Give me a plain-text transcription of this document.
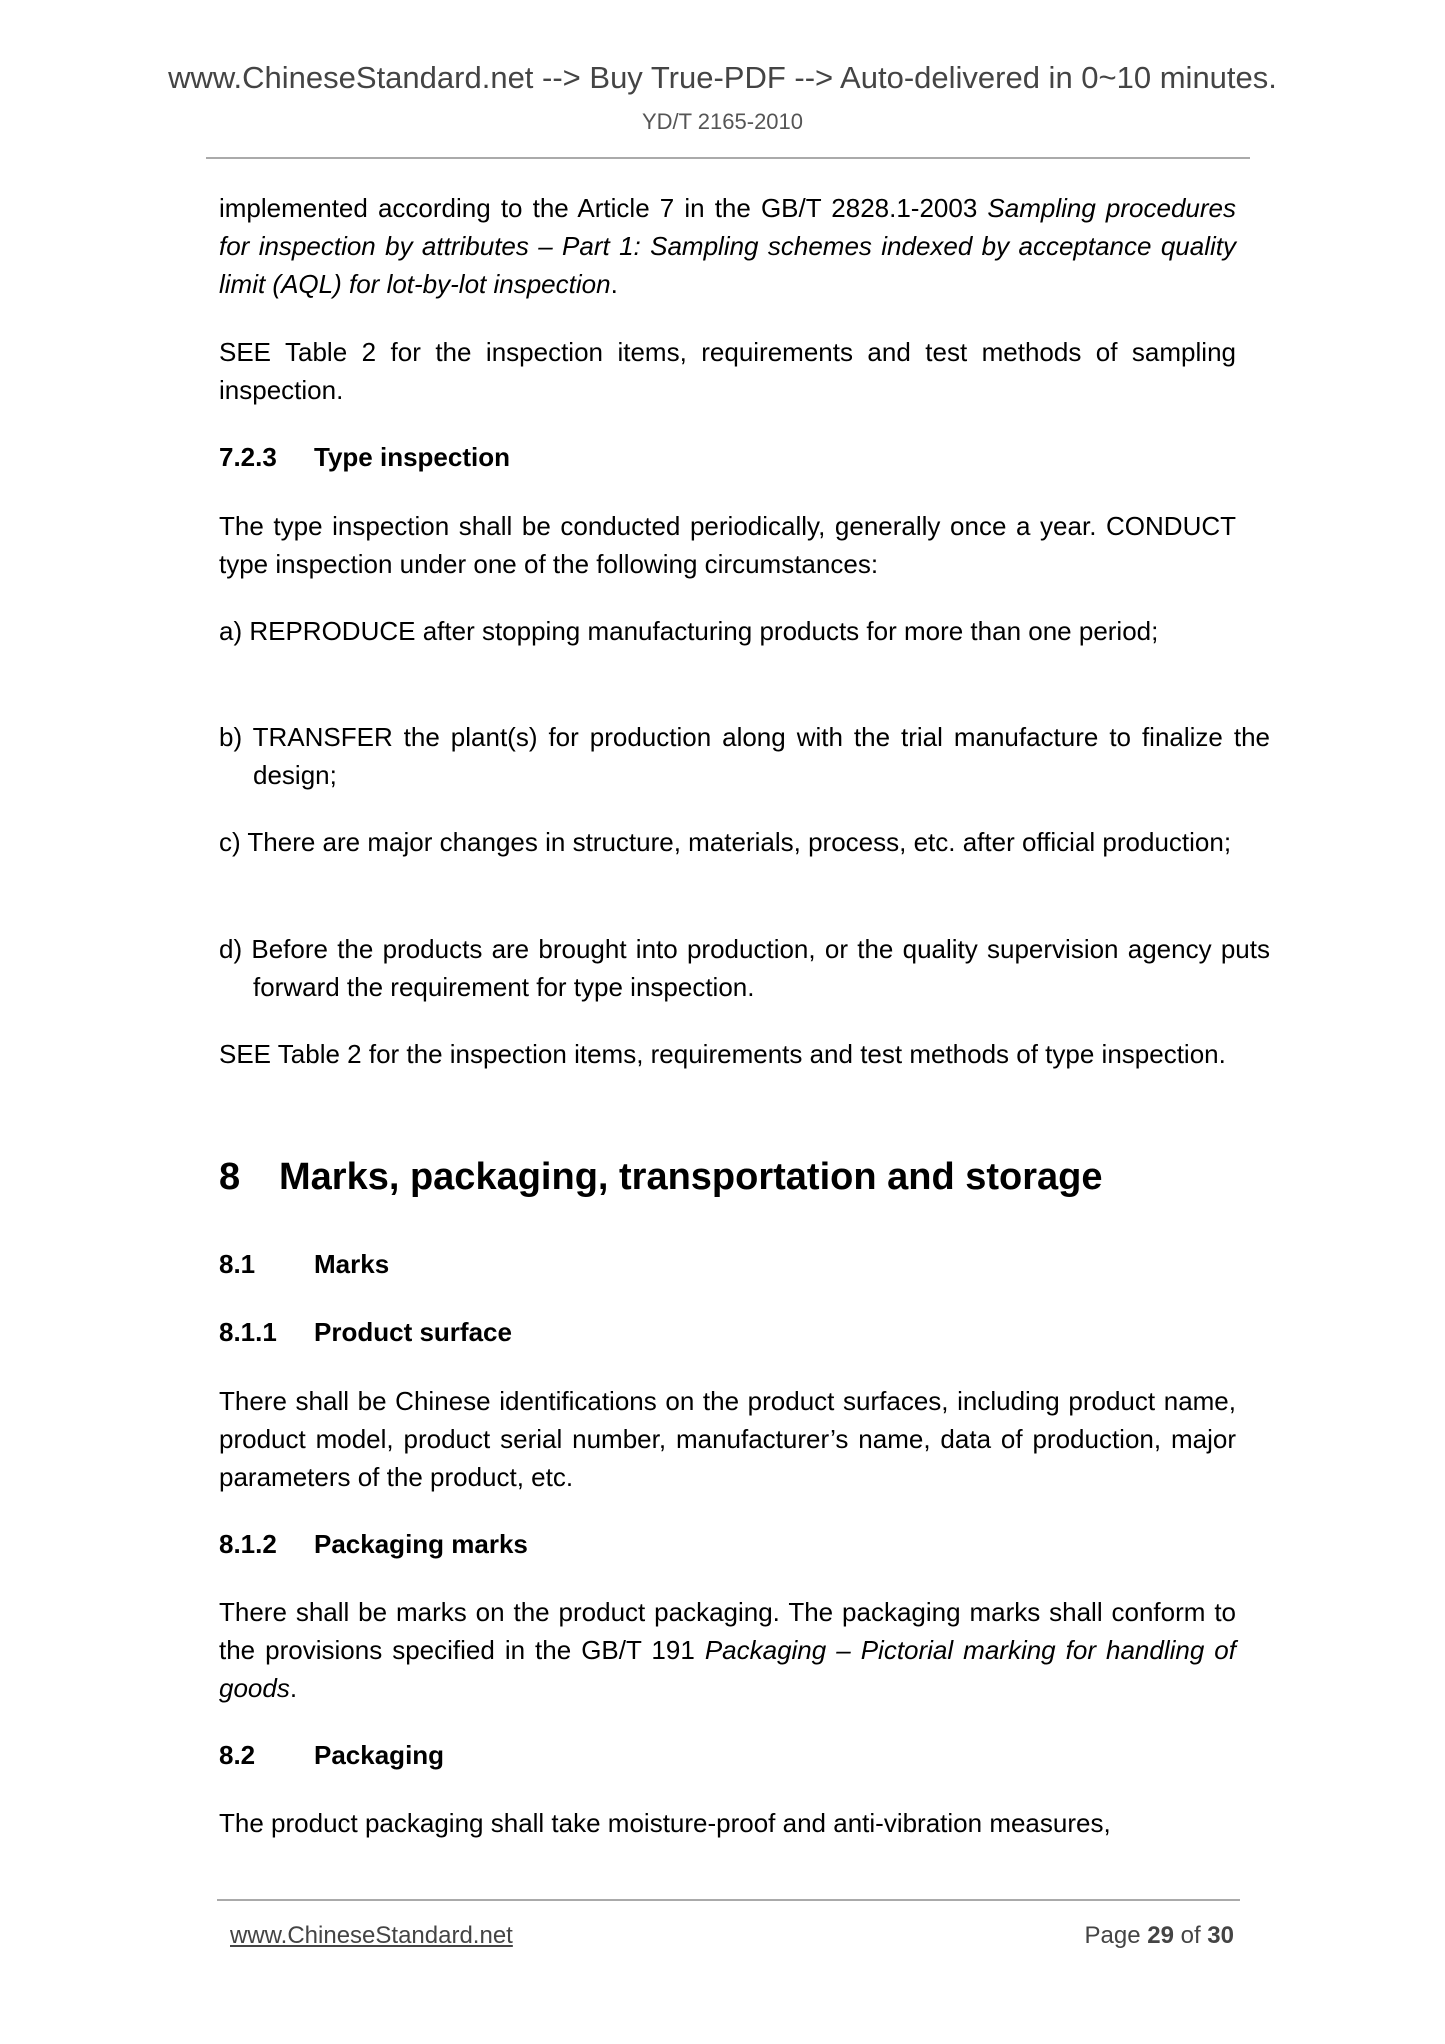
www.ChineseStandard.net --> Buy True-PDF --> Auto-delivered in 0~10 minutes.
YD/T 2165-2010
implemented according to the Article 7 in the GB/T 2828.1-2003 Sampling procedures for inspection by attributes – Part 1: Sampling schemes indexed by acceptance quality limit (AQL) for lot-by-lot inspection.
SEE Table 2 for the inspection items, requirements and test methods of sampling inspection.
7.2.3 Type inspection
The type inspection shall be conducted periodically, generally once a year. CONDUCT type inspection under one of the following circumstances:
a) REPRODUCE after stopping manufacturing products for more than one period;
b) TRANSFER the plant(s) for production along with the trial manufacture to finalize the design;
c) There are major changes in structure, materials, process, etc. after official production;
d) Before the products are brought into production, or the quality supervision agency puts forward the requirement for type inspection.
SEE Table 2 for the inspection items, requirements and test methods of type inspection.
8 Marks, packaging, transportation and storage
8.1 Marks
8.1.1 Product surface
There shall be Chinese identifications on the product surfaces, including product name, product model, product serial number, manufacturer’s name, data of production, major parameters of the product, etc.
8.1.2 Packaging marks
There shall be marks on the product packaging. The packaging marks shall conform to the provisions specified in the GB/T 191 Packaging – Pictorial marking for handling of goods.
8.2 Packaging
The product packaging shall take moisture-proof and anti-vibration measures,
www.ChineseStandard.net	Page 29 of 30
